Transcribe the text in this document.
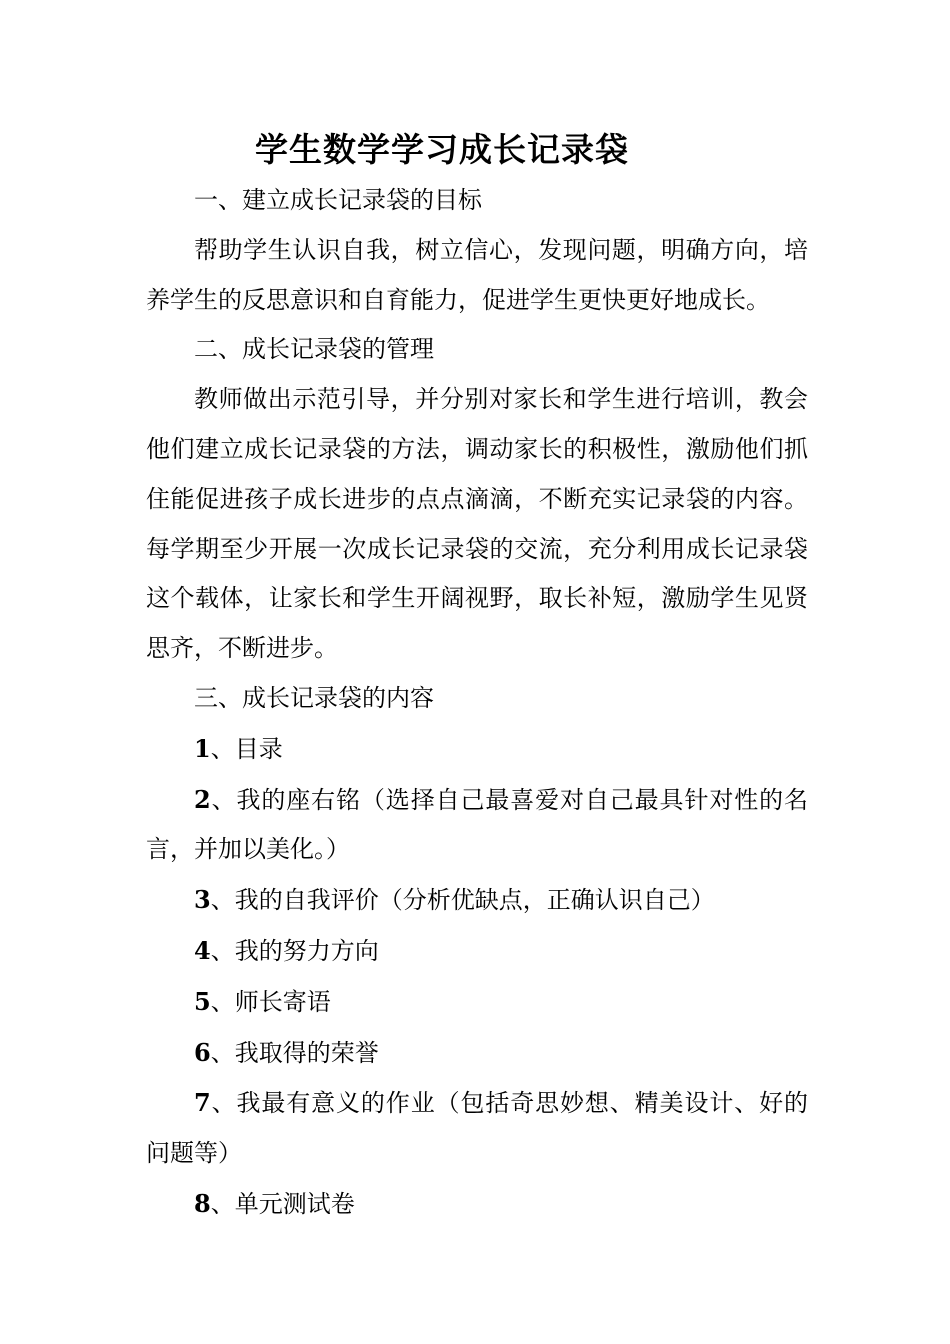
学生数学学习成长记录袋

一、建立成长记录袋的目标

帮助学生认识自我，树立信心，发现问题，明确方向，培养学生的反思意识和自育能力，促进学生更快更好地成长。

二、成长记录袋的管理

教师做出示范引导，并分别对家长和学生进行培训，教会他们建立成长记录袋的方法，调动家长的积极性，激励他们抓住能促进孩子成长进步的点点滴滴，不断充实记录袋的内容。每学期至少开展一次成长记录袋的交流，充分利用成长记录袋这个载体，让家长和学生开阔视野，取长补短，激励学生见贤思齐，不断进步。

三、成长记录袋的内容

1、目录

2、我的座右铭（选择自己最喜爱对自己最具针对性的名言，并加以美化。）

3、我的自我评价（分析优缺点，正确认识自己）

4、我的努力方向

5、师长寄语

6、我取得的荣誉

7、我最有意义的作业（包括奇思妙想、精美设计、好的问题等）

8、单元测试卷
